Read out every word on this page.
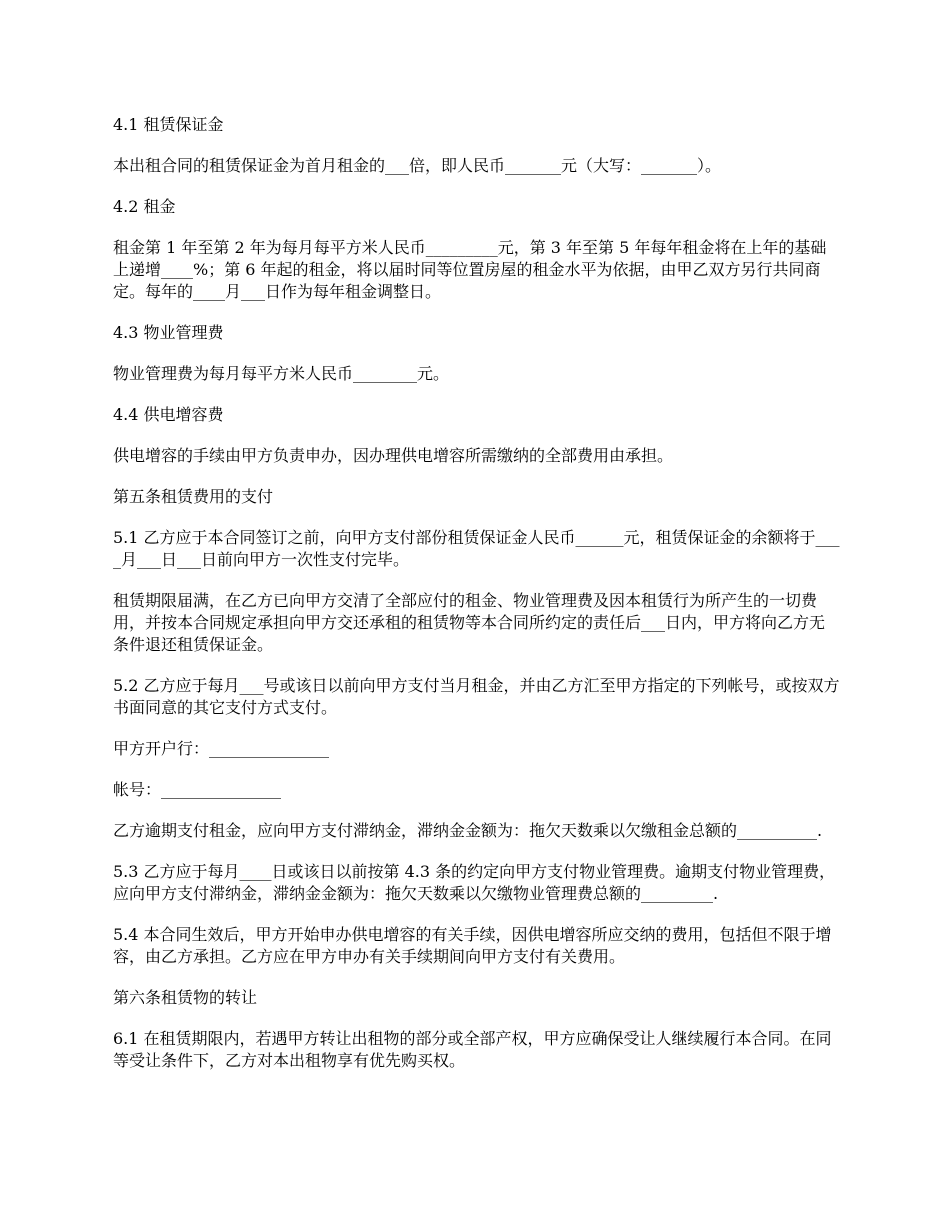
4.1 租赁保证金

本出租合同的租赁保证金为首月租金的___倍，即人民币_______元（大写：_______）。

4.2 租金

租金第 1 年至第 2 年为每月每平方米人民币_________元，第 3 年至第 5 年每年租金将在上年的基础上递增____%；第 6 年起的租金，将以届时同等位置房屋的租金水平为依据，由甲乙双方另行共同商定。每年的____月___日作为每年租金调整日。

4.3 物业管理费

物业管理费为每月每平方米人民币________元。

4.4 供电增容费

供电增容的手续由甲方负责申办，因办理供电增容所需缴纳的全部费用由承担。

第五条租赁费用的支付

5.1 乙方应于本合同签订之前，向甲方支付部份租赁保证金人民币______元，租赁保证金的余额将于____月___日___日前向甲方一次性支付完毕。

租赁期限届满，在乙方已向甲方交清了全部应付的租金、物业管理费及因本租赁行为所产生的一切费用，并按本合同规定承担向甲方交还承租的租赁物等本合同所约定的责任后___日内，甲方将向乙方无条件退还租赁保证金。

5.2 乙方应于每月___号或该日以前向甲方支付当月租金，并由乙方汇至甲方指定的下列帐号，或按双方书面同意的其它支付方式支付。

甲方开户行：_______________

帐号：_______________

乙方逾期支付租金，应向甲方支付滞纳金，滞纳金金额为：拖欠天数乘以欠缴租金总额的__________.

5.3 乙方应于每月____日或该日以前按第 4.3 条的约定向甲方支付物业管理费。逾期支付物业管理费，应向甲方支付滞纳金，滞纳金金额为：拖欠天数乘以欠缴物业管理费总额的_________.

5.4 本合同生效后，甲方开始申办供电增容的有关手续，因供电增容所应交纳的费用，包括但不限于增容，由乙方承担。乙方应在甲方申办有关手续期间向甲方支付有关费用。

第六条租赁物的转让

6.1 在租赁期限内，若遇甲方转让出租物的部分或全部产权，甲方应确保受让人继续履行本合同。在同等受让条件下，乙方对本出租物享有优先购买权。
